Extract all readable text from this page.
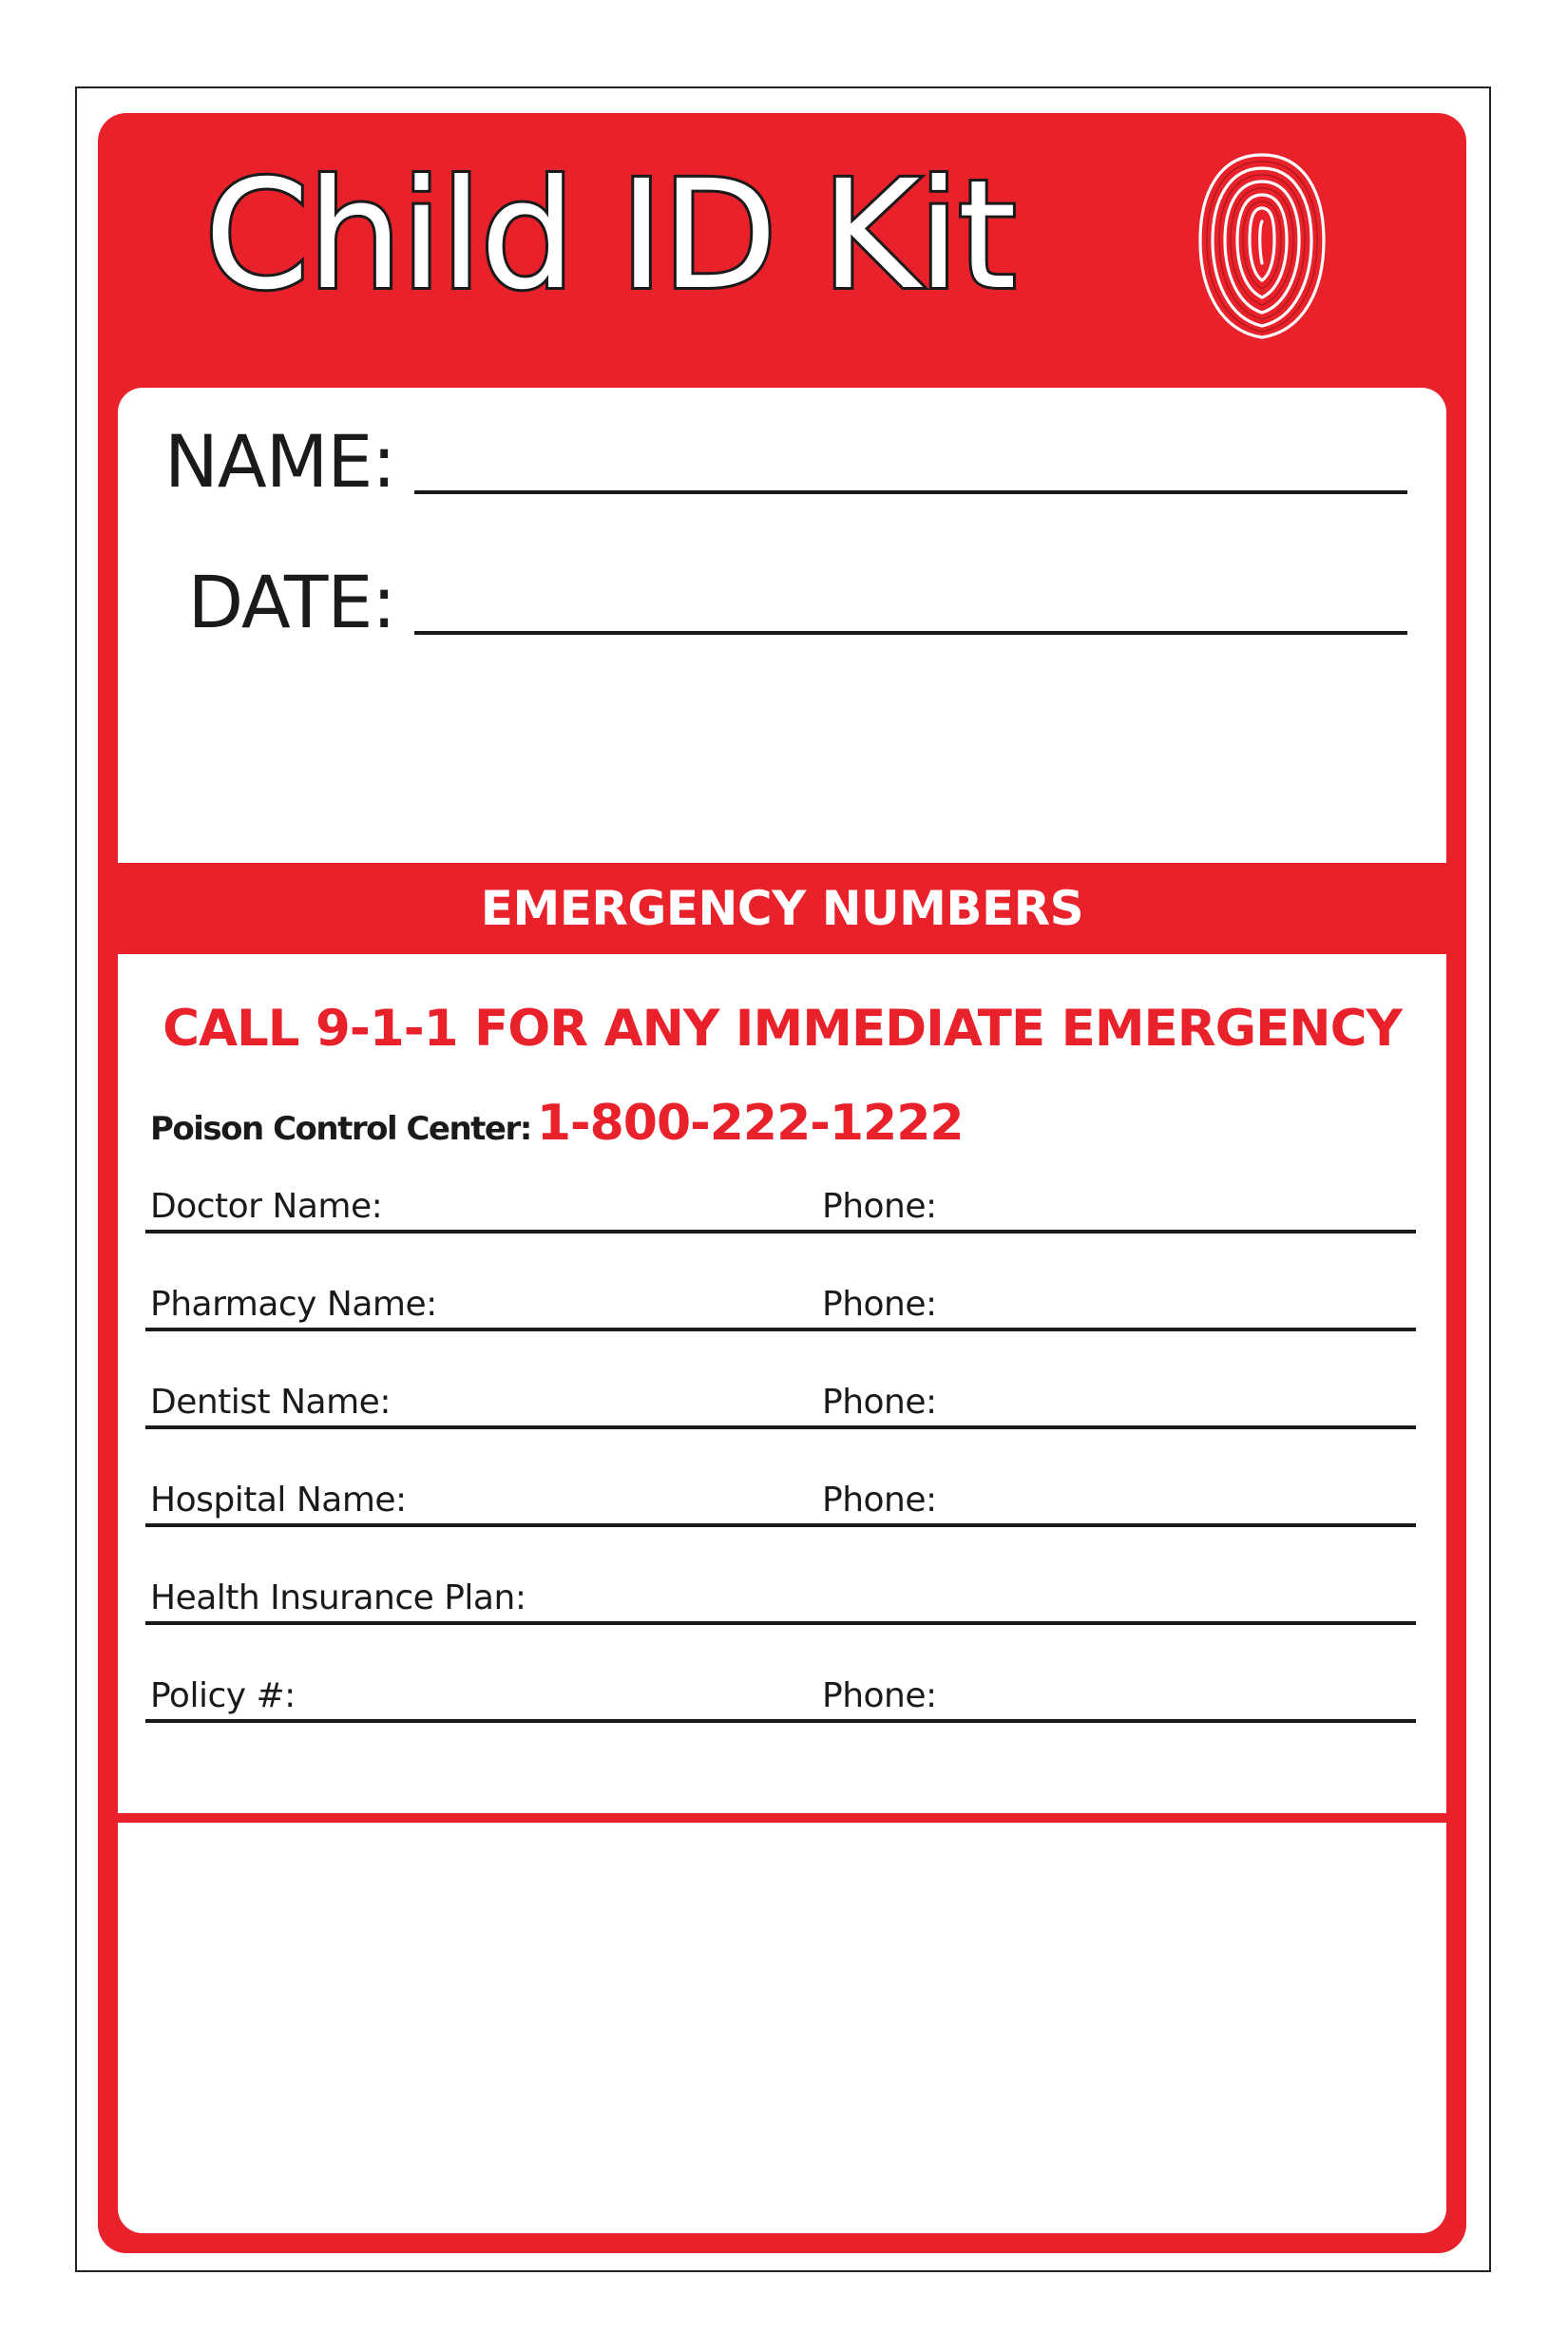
Child ID Kit
NAME:
DATE:
EMERGENCY NUMBERS
CALL 9-1-1 FOR ANY IMMEDIATE EMERGENCY
Poison Control Center: 1-800-222-1222
Doctor Name:	Phone:
Pharmacy Name:	Phone:
Dentist Name:	Phone:
Hospital Name:	Phone:
Health Insurance Plan:
Policy #:	Phone:
